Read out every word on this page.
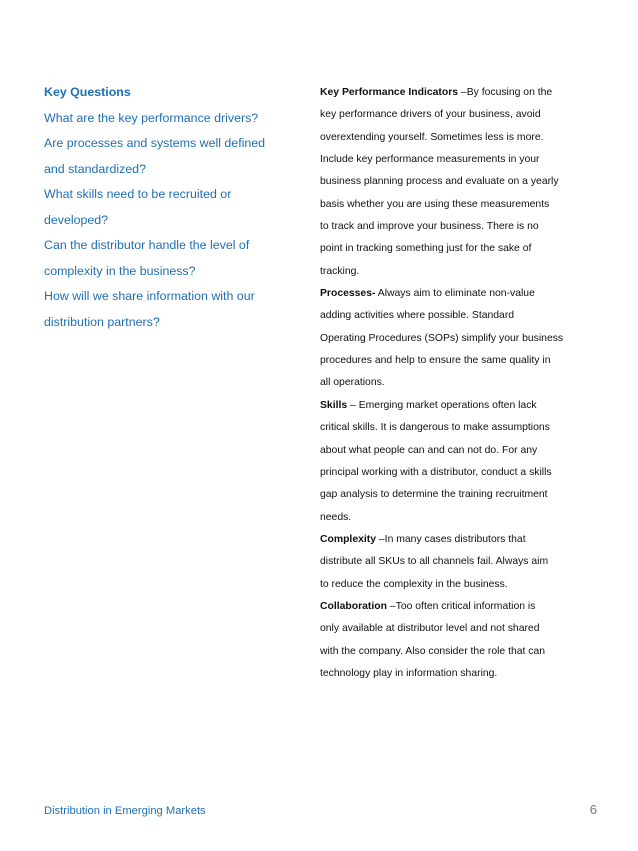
Key Questions
What are the key performance drivers?
Are processes and systems well defined
and standardized?
What skills need to be recruited or
developed?
Can the distributor handle the level of
complexity in the business?
How will we share information with our
distribution partners?
Key Performance Indicators –By focusing on the
key performance drivers of your business, avoid
overextending yourself. Sometimes less is more.
Include key performance measurements in your
business planning process and evaluate on a yearly
basis whether you are using these measurements
to track and improve your business. There is no
point in tracking something just for the sake of
tracking.
Processes- Always aim to eliminate non-value
adding activities where possible. Standard
Operating Procedures (SOPs) simplify your business
procedures and help to ensure the same quality in
all operations.
Skills – Emerging market operations often lack
critical skills. It is dangerous to make assumptions
about what people can and can not do. For any
principal working with a distributor, conduct a skills
gap analysis to determine the training recruitment
needs.
Complexity –In many cases distributors that
distribute all SKUs to all channels fail. Always aim
to reduce the complexity in the business.
Collaboration –Too often critical information is
only available at distributor level and not shared
with the company. Also consider the role that can
technology play in information sharing.
Distribution in Emerging Markets	6
